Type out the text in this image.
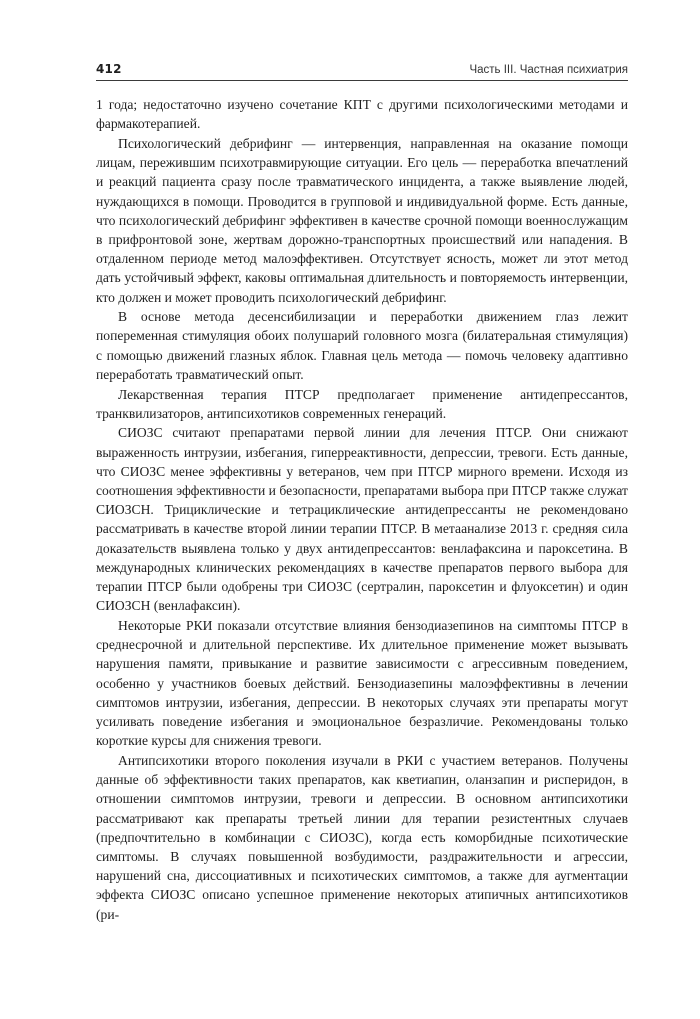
412	Часть III. Частная психиатрия

1 года; недостаточно изучено сочетание КПТ с другими психологическими методами и фармакотерапией.

Психологический дебрифинг — интервенция, направленная на оказание помощи лицам, пережившим психотравмирующие ситуации. Его цель — переработка впечатлений и реакций пациента сразу после травматического инцидента, а также выявление людей, нуждающихся в помощи. Проводится в групповой и индивидуальной форме. Есть данные, что психологический дебрифинг эффективен в качестве срочной помощи военнослужащим в прифронтовой зоне, жертвам дорожно-транспортных происшествий или нападения. В отдаленном периоде метод малоэффективен. Отсутствует ясность, может ли этот метод дать устойчивый эффект, каковы оптимальная длительность и повторяемость интервенции, кто должен и может проводить психологический дебрифинг.

В основе метода десенсибилизации и переработки движением глаз лежит попеременная стимуляция обоих полушарий головного мозга (билатеральная стимуляция) с помощью движений глазных яблок. Главная цель метода — помочь человеку адаптивно переработать травматический опыт.

Лекарственная терапия ПТСР предполагает применение антидепрессантов, транквилизаторов, антипсихотиков современных генераций.

СИОЗС считают препаратами первой линии для лечения ПТСР. Они снижают выраженность интрузии, избегания, гиперреактивности, депрессии, тревоги. Есть данные, что СИОЗС менее эффективны у ветеранов, чем при ПТСР мирного времени. Исходя из соотношения эффективности и безопасности, препаратами выбора при ПТСР также служат СИОЗСН. Трициклические и тетрациклические антидепрессанты не рекомендовано рассматривать в качестве второй линии терапии ПТСР. В метаанализе 2013 г. средняя сила доказательств выявлена только у двух антидепрессантов: венлафаксина и пароксетина. В международных клинических рекомендациях в качестве препаратов первого выбора для терапии ПТСР были одобрены три СИОЗС (сертралин, пароксетин и флуоксетин) и один СИОЗСН (венлафаксин).

Некоторые РКИ показали отсутствие влияния бензодиазепинов на симптомы ПТСР в среднесрочной и длительной перспективе. Их длительное применение может вызывать нарушения памяти, привыкание и развитие зависимости с агрессивным поведением, особенно у участников боевых действий. Бензодиазепины малоэффективны в лечении симптомов интрузии, избегания, депрессии. В некоторых случаях эти препараты могут усиливать поведение избегания и эмоциональное безразличие. Рекомендованы только короткие курсы для снижения тревоги.

Антипсихотики второго поколения изучали в РКИ с участием ветеранов. Получены данные об эффективности таких препаратов, как кветиапин, оланзапин и рисперидон, в отношении симптомов интрузии, тревоги и депрессии. В основном антипсихотики рассматривают как препараты третьей линии для терапии резистентных случаев (предпочтительно в комбинации с СИОЗС), когда есть коморбидные психотические симптомы. В случаях повышенной возбудимости, раздражительности и агрессии, нарушений сна, диссоциативных и психотических симптомов, а также для аугментации эффекта СИОЗС описано успешное применение некоторых атипичных антипсихотиков (ри-
